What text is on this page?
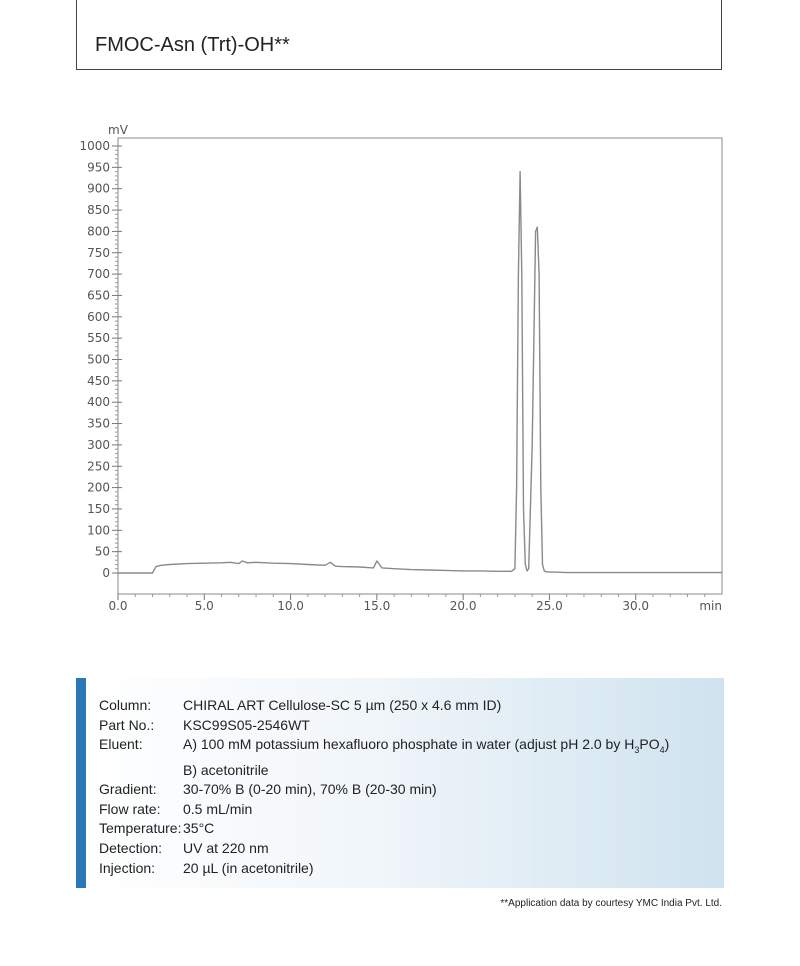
FMOC-Asn (Trt)-OH**
0
50
100
150
200
250
300
350
400
450
500
550
600
650
700
750
800
850
900
950
1000
0.0	5.0	10.0	15.0	20.0	25.0	30.0
mV
min
Column:	CHIRAL ART Cellulose-SC 5 µm (250 x 4.6 mm ID)
Part No.:	KSC99S05-2546WT
Eluent:	A) 100 mM potassium hexafluoro phosphate in water (adjust pH 2.0 by $H_3PO_4$)
	B) acetonitrile
Gradient:	30-70% B (0-20 min), 70% B (20-30 min)
Flow rate:	0.5 mL/min
Temperature:	35°C
Detection:	UV at 220 nm
Injection:	20 µL (in acetonitrile)
**Application data by courtesy YMC India Pvt. Ltd.
